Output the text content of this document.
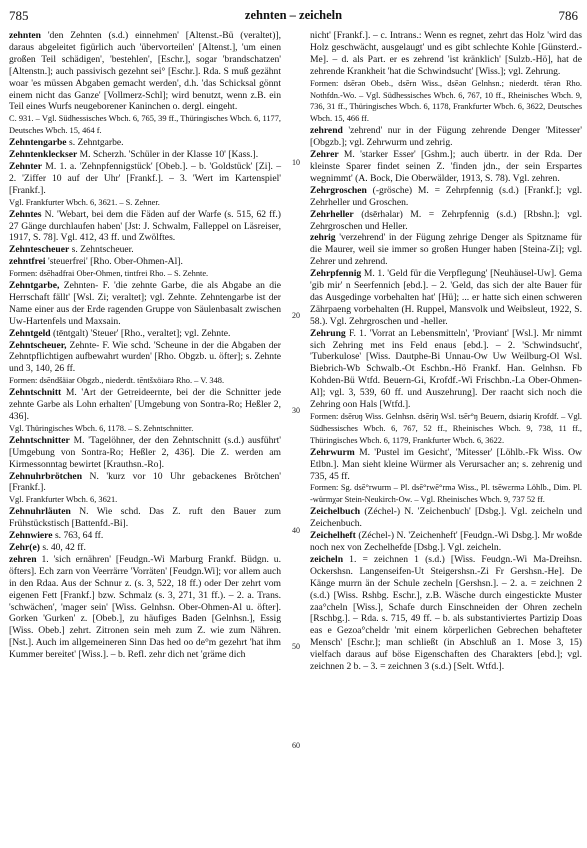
785	zehnten – zeicheln	786

zehnten 'den Zehnten (s.d.) einnehmen' [Altenst.-Bü (veraltet)], daraus abgeleitet figürlich auch 'übervorteilen' [Altenst.], 'um einen großen Teil schädigen', 'bestehlen', [Eschr.], sogar 'brandschatzen' [Altenstn.]; auch passivisch gezehnt sei° [Eschr.]. Rda. S muß gezähnt woar 'es müssen Abgaben gemacht werden', d.h. 'das Schicksal gönnt einem nicht das Ganze' [Vollmerz-Schl]; wird benutzt, wenn z.B. ein Teil eines Wurfs neugeborener Kaninchen o. dergl. eingeht.

C. 931. – Vgl. Südhessisches Wbch. 6, 765, 39 ff., Thüringisches Wbch. 6, 1177, Deutsches Wbch. 15, 464 f.

Zehntengarbe s. Zehntgarbe.

Zehntenkleckser M. Scherzh. 'Schüler in der Klasse 10' [Kass.].

Zehnter M. 1. a. 'Zehnpfennigstück' [Obeb.]. – b. 'Goldstück' [Zi]. – 2. 'Ziffer 10 auf der Uhr' [Frankf.]. – 3. 'Wert im Kartenspiel' [Frankf.].

Vgl. Frankfurter Wbch. 6, 3621. – S. Zehner.

Zehntes N. 'Webart, bei dem die Fäden auf der Warfe (s. 515, 62 ff.) 27 Gänge durchlaufen haben' [Jst: J. Schwalm, Falleppel on Läsreiser, 1917, S. 78]. Vgl. 412, 43 ff. und Zwölftes.

Zehntescheuer s. Zehntscheuer.

zehntfrei 'steuerfrei' [Rho. Ober-Ohmen-Al].

Formen: dsēhadfrai Ober-Ohmen, tintfrei Rho. – S. Zehnte.

Zehntgarbe, Zehnten- F. 'die zehnte Garbe, die als Abgabe an die Herrschaft fällt' [Wsl. Zi; veraltet]; vgl. Zehnte. Zehntengarbe ist der Name einer aus der Erde ragenden Gruppe von Säulenbasalt zwischen Uw-Hartenfels und Maxsain.

Zehntgeld (tēntgalt) 'Steuer' [Rho., veraltet]; vgl. Zehnte.

Zehntscheuer, Zehnte- F. Wie schd. 'Scheune in der die Abgaben der Zehntpflichtigen aufbewahrt wurden' [Rho. Obgzb. u. öfter]; s. Zehnte und 3, 140, 26 ff.

Formen: dsēndšäiar Obgzb., niederdt. tēntšxöiarə Rho. – V. 348.

Zehntschnitt M. 'Art der Getreideernte, bei der die Schnitter jede zehnte Garbe als Lohn erhalten' [Umgebung von Sontra-Ro; Heßler 2, 436].

Vgl. Thüringisches Wbch. 6, 1178. – S. Zehntschnitter.

Zehntschnitter M. 'Tagelöhner, der den Zehntschnitt (s.d.) ausführt' [Umgebung von Sontra-Ro; Heßler 2, 436]. Die Z. werden am Kirmessonntag bewirtet [Krauthsn.-Ro].

Zehnuhrbrötchen N. 'kurz vor 10 Uhr gebackenes Brötchen' [Frankf.].

Vgl. Frankfurter Wbch. 6, 3621.

Zehnuhrläuten N. Wie schd. Das Z. ruft den Bauer zum Frühstückstisch [Battenfd.-Bi].

Zehnwiere s. 763, 64 ff.

Zehr(e) s. 40, 42 ff.

zehren 1. 'sich ernähren' [Feudgn.-Wi Marburg Frankf. Büdgn. u. öfters]. Ech zarn von Veerrärre 'Vorräten' [Feudgn.Wi]; vor allem auch in den Rdaa. Aus der Schnur z. (s. 3, 522, 18 ff.) oder Der zehrt vom eigenen Fett [Frankf.] bzw. Schmalz (s. 3, 271, 31 ff.). – 2. a. Trans. 'schwächen', 'mager sein' [Wiss. Gelnhsn. Ober-Ohmen-Al u. öfter]. Gorken 'Gurken' z. [Obeb.], zu häufiges Baden [Gelnhsn.], Essig [Wiss. Obeb.] zehrt. Zitronen sein meh zum Z. wie zum Nähren. [Nst.]. Auch im allgemeineren Sinn Das hed oo de°m gezehrt 'hat ihm Kummer bereitet' [Wiss.]. – b. Refl. zehr dich net 'gräme dich

nicht' [Frankf.]. – c. Intrans.: Wenn es regnet, zehrt das Holz 'wird das Holz geschwächt, ausgelaugt' und es gibt schlechte Kohle [Günsterd.-Me]. – d. als Part. er es zehrend 'ist kränklich' [Sulzb.-Hö], hat de zehrende Krankheit 'hat die Schwindsucht' [Wiss.]; vgl. Zehrung.

Formen: dsērən Obeb., dsērn Wiss., dsēən Gelnhsn.; niederdt. tērən Rho. Nothfdn.-Wo. – Vgl. Südhessisches Wbch. 6, 767, 10 ff., Rheinisches Wbch. 9, 736, 31 ff., Thüringisches Wbch. 6, 1178, Frankfurter Wbch. 6, 3622, Deutsches Wbch. 15, 466 ff.

zehrend 'zehrend' nur in der Fügung zehrende Denger 'Mitesser' [Obgzb.]; vgl. Zehrwurm und zehrig.

Zehrer M. 'starker Esser' [Gshm.]; auch übertr. in der Rda. Der kleinste Sparer findet seinen Z. 'finden jdn., der sein Erspartes wegnimmt' (A. Bock, Die Oberwälder, 1913, S. 78). Vgl. zehren.

Zehrgroschen (-grösche) M. = Zehrpfennig (s.d.) [Frankf.]; vgl. Zehrheller und Groschen.

Zehrheller (dsērhəlar) M. = Zehrpfennig (s.d.) [Rbshn.]; vgl. Zehrgroschen und Heller.

zehrig 'verzehrend' in der Fügung zehrige Denger als Spitzname für die Maurer, weil sie immer so großen Hunger haben [Steina-Zi]; vgl. Zehrer und zehrend.

Zehrpfennig M. 1. 'Geld für die Verpflegung' [Neuhäusel-Uw]. Gema 'gib mir' n Seerfennich [ebd.]. – 2. 'Geld, das sich der alte Bauer für das Ausgedinge vorbehalten hat' [Hü]; ... er hatte sich einen schweren Zährpaeng vorbehalten (H. Ruppel, Mansvolk und Weibsleut, 1922, S. 58.). Vgl. Zehrgroschen und -heller.

Zehrung F. 1. 'Vorrat an Lebensmitteln', 'Proviant' [Wsl.]. Mr nimmt sich Zehring met ins Feld enaus [ebd.]. – 2. 'Schwindsucht', 'Tuberkulose' [Wiss. Dautphe-Bi Unnau-Ow Uw Weilburg-Ol Wsl. Biebrich-Wb Schwalb.-Ot Eschbn.-Hö Frankf. Han. Gelnhsn. Fb Kohden-Bü Wtfd. Beuern-Gi, Krofdf.-Wi Frischbn.-La Ober-Ohmen-Al]; vgl. 3, 539, 60 ff. und Auszehrung]. Der raacht sich noch die Zehring oon Hals [Wtfd.].

Formen: dsērυŋ Wiss. Gelnhsn. dsēriŋ Wsl. tsēr°ŋ Beuern, dsiəriŋ Krofdf. – Vgl. Südhessisches Wbch. 6, 767, 52 ff., Rheinisches Wbch. 9, 738, 11 ff., Thüringisches Wbch. 6, 1179, Frankfurter Wbch. 6, 3622.

Zehrwurm M. 'Pustel im Gesicht', 'Mitesser' [Löhlb.-Fk Wiss. Ow Etlbn.]. Man sieht kleine Würmer als Verursacher an; s. zehrenig und 735, 45 ff.

Formen: Sg. dsē°rwurm – Pl. dsē°rwē°rmə Wiss., Pl. tsēwεrmə Löhlb., Dim. Pl. -würmχər Stein-Neukirch-Ow. – Vgl. Rheinisches Wbch. 9, 737 52 ff.

Zeichelbuch (Zéchel-) N. 'Zeichenbuch' [Dsbg.]. Vgl. zeicheln und Zeichenbuch.

Zeichelheft (Zéchel-) N. 'Zeichenheft' [Feudgn.-Wi Dsbg.]. Mr woßde noch nex von Zechelhefde [Dsbg.]. Vgl. zeicheln.

zeicheln 1. = zeichnen 1 (s.d.) [Wiss. Feudgn.-Wi Ma-Dreihsn. Ockershsn. Langenseifen-Ut Steigershsn.-Zi Fr Gershsn.-He]. De Känge murrn än der Schule zecheln [Gershsn.]. – 2. a. = zeichnen 2 (s.d.) [Wiss. Rshbg. Eschr.], z.B. Wäsche durch eingestickte Muster zaa°cheln [Wiss.], Schafe durch Einschneiden der Ohren zecheln [Rschbg.]. – Rda. s. 715, 49 ff. – b. als substantiviertes Partizip Doas eas e Gezoa°cheldr 'mit einem körperlichen Gebrechen behafteter Mensch' [Eschr.]; man schließt (in Abschluß an 1. Mose 3, 15) vielfach daraus auf böse Eigenschaften des Charakters [ebd.]; vgl. zeichnen 2 b. – 3. = zeichnen 3 (s.d.) [Selt. Wtfd.].

10
20
30
40
50
60
